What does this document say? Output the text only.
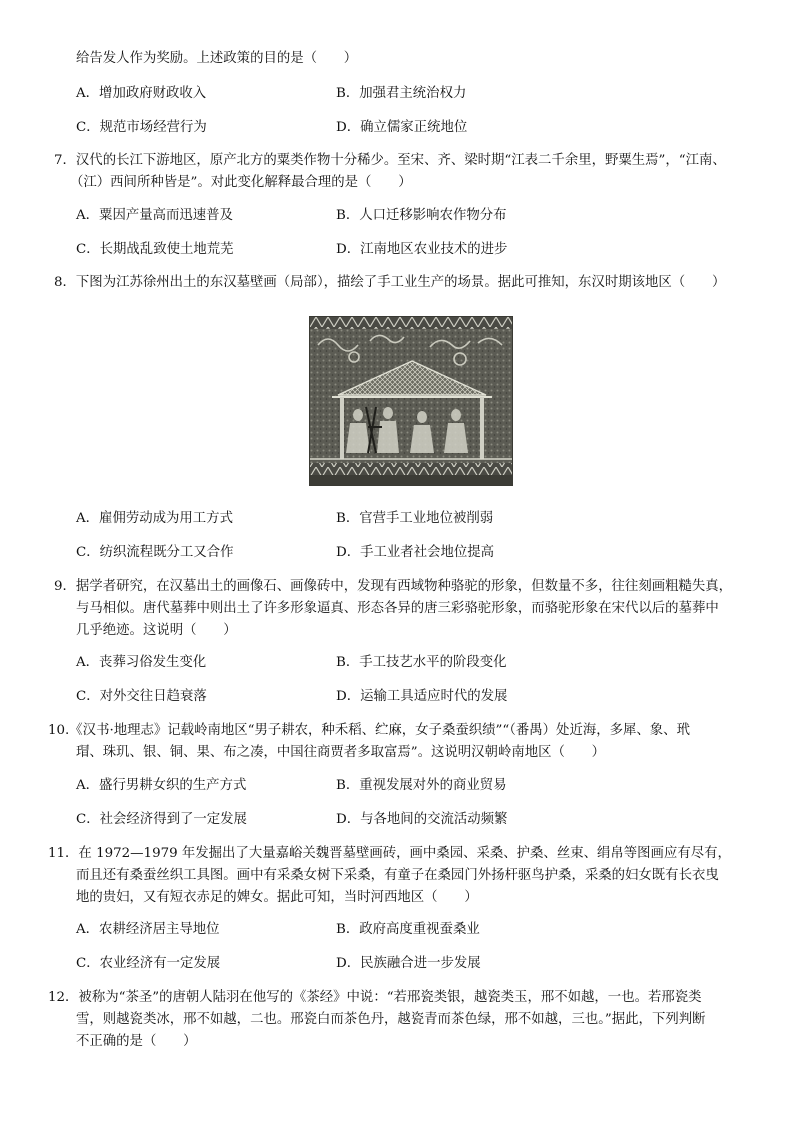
给告发人作为奖励。上述政策的目的是（　　）
A．增加政府财政收入	B．加强君主统治权力
C．规范市场经营行为	D．确立儒家正统地位
7．汉代的长江下游地区，原产北方的粟类作物十分稀少。至宋、齐、梁时期“江表二千余里，野粟生焉”，“江南、
（江）西间所种皆是”。对此变化解释最合理的是（　　）
A．粟因产量高而迅速普及	B．人口迁移影响农作物分布
C．长期战乱致使土地荒芜	D．江南地区农业技术的进步
8．下图为江苏徐州出土的东汉墓壁画（局部），描绘了手工业生产的场景。据此可推知，东汉时期该地区（　　）
A．雇佣劳动成为用工方式	B．官营手工业地位被削弱
C．纺织流程既分工又合作	D．手工业者社会地位提高
9．据学者研究，在汉墓出土的画像石、画像砖中，发现有西域物种骆驼的形象，但数量不多，往往刻画粗糙失真，
与马相似。唐代墓葬中则出土了许多形象逼真、形态各异的唐三彩骆驼形象，而骆驼形象在宋代以后的墓葬中
几乎绝迹。这说明（　　）
A．丧葬习俗发生变化	B．手工技艺水平的阶段变化
C．对外交往日趋衰落	D．运输工具适应时代的发展
10.《汉书·地理志》记载岭南地区“男子耕农，种禾稻、纻麻，女子桑蚕织绩”“（番禺）处近海，多犀、象、玳
瑁、珠玑、银、铜、果、布之凑，中国往商贾者多取富焉”。这说明汉朝岭南地区（　　）
A．盛行男耕女织的生产方式	B．重视发展对外的商业贸易
C．社会经济得到了一定发展	D．与各地间的交流活动频繁
11．在 1972—1979 年发掘出了大量嘉峪关魏晋墓壁画砖，画中桑园、采桑、护桑、丝束、绢帛等图画应有尽有，
而且还有桑蚕丝织工具图。画中有采桑女树下采桑，有童子在桑园门外扬杆驱鸟护桑，采桑的妇女既有长衣曳
地的贵妇，又有短衣赤足的婢女。据此可知，当时河西地区（　　）
A．农耕经济居主导地位	B．政府高度重视蚕桑业
C．农业经济有一定发展	D．民族融合进一步发展
12．被称为“茶圣”的唐朝人陆羽在他写的《茶经》中说：“若邢瓷类银，越瓷类玉，邢不如越，一也。若邢瓷类
雪，则越瓷类冰，邢不如越，二也。邢瓷白而茶色丹，越瓷青而茶色绿，邢不如越，三也。”据此，下列判断
不正确的是（　　）
